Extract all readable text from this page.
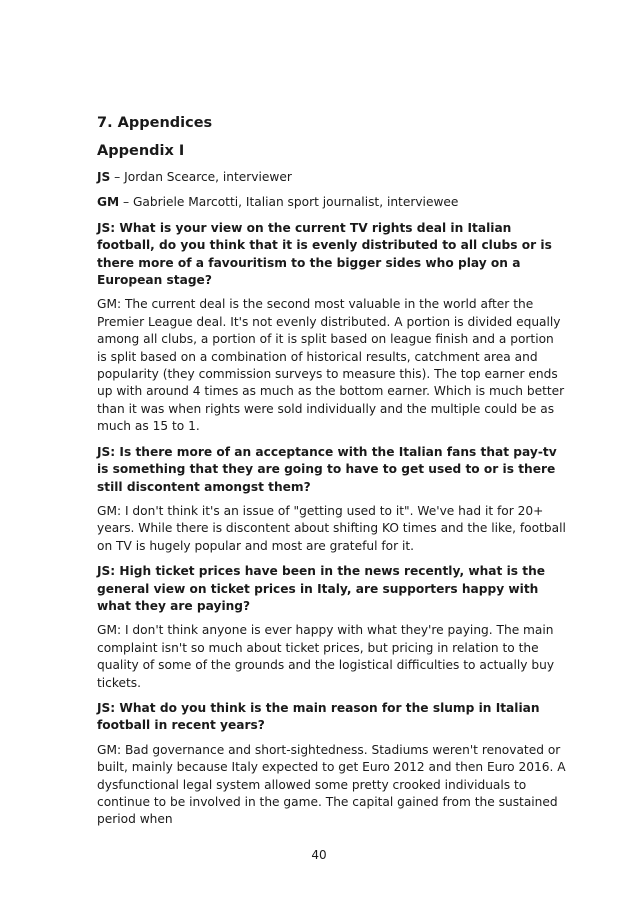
7. Appendices
Appendix I
JS – Jordan Scearce, interviewer
GM – Gabriele Marcotti, Italian sport journalist, interviewee
JS: What is your view on the current TV rights deal in Italian football, do you think that it is evenly distributed to all clubs or is there more of a favouritism to the bigger sides who play on a European stage?
GM: The current deal is the second most valuable in the world after the Premier League deal. It's not evenly distributed. A portion is divided equally among all clubs, a portion of it is split based on league finish and a portion is split based on a combination of historical results, catchment area and popularity (they commission surveys to measure this). The top earner ends up with around 4 times as much as the bottom earner. Which is much better than it was when rights were sold individually and the multiple could be as much as 15 to 1.
JS: Is there more of an acceptance with the Italian fans that pay-tv is something that they are going to have to get used to or is there still discontent amongst them?
GM: I don't think it's an issue of "getting used to it". We've had it for 20+ years. While there is discontent about shifting KO times and the like, football on TV is hugely popular and most are grateful for it.
JS: High ticket prices have been in the news recently, what is the general view on ticket prices in Italy, are supporters happy with what they are paying?
GM: I don't think anyone is ever happy with what they're paying. The main complaint isn't so much about ticket prices, but pricing in relation to the quality of some of the grounds and the logistical difficulties to actually buy tickets.
JS: What do you think is the main reason for the slump in Italian football in recent years?
GM: Bad governance and short-sightedness. Stadiums weren't renovated or built, mainly because Italy expected to get Euro 2012 and then Euro 2016. A dysfunctional legal system allowed some pretty crooked individuals to continue to be involved in the game. The capital gained from the sustained period when
40
